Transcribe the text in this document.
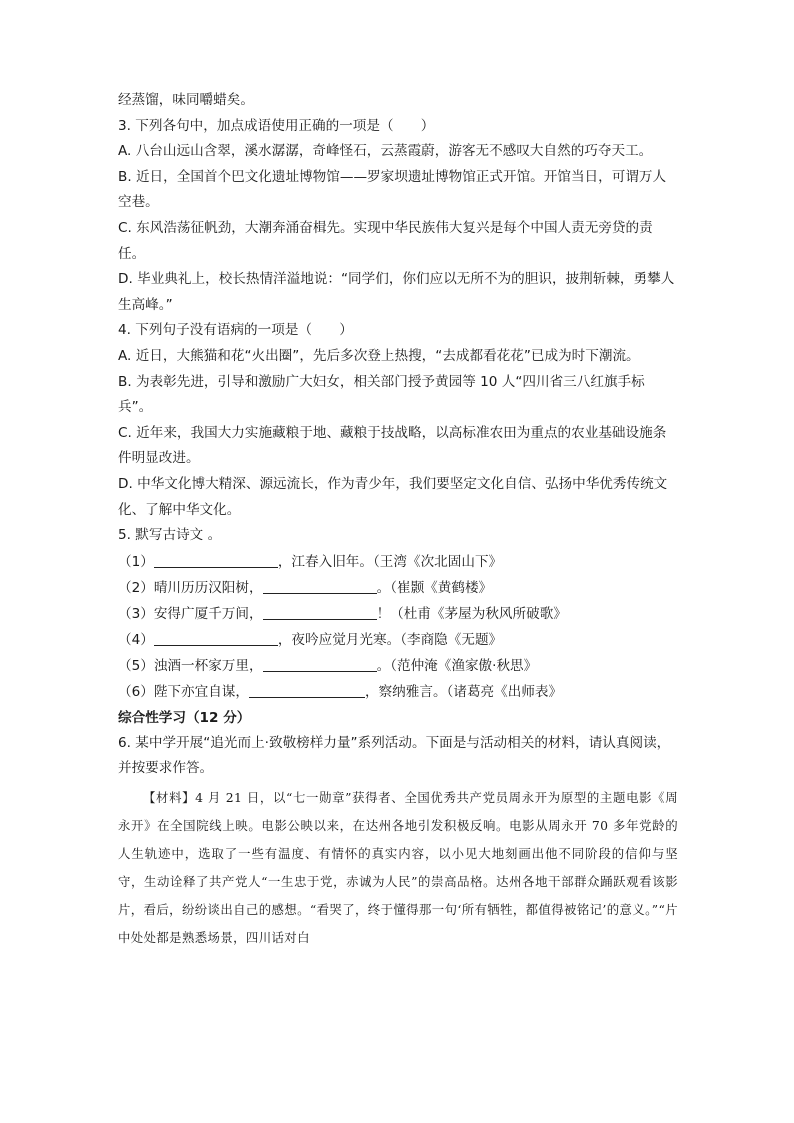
经蒸馏，味同嚼蜡矣。
3. 下列各句中，加点成语使用正确的一项是（　　）
A. 八台山远山含翠，溪水潺潺，奇峰怪石，云蒸霞蔚，游客无不感叹大自然的巧夺天工。
B. 近日，全国首个巴文化遗址博物馆——罗家坝遗址博物馆正式开馆。开馆当日，可谓万人空巷。
C. 东风浩荡征帆劲，大潮奔涌奋楫先。实现中华民族伟大复兴是每个中国人责无旁贷的责任。
D. 毕业典礼上，校长热情洋溢地说：“同学们，你们应以无所不为的胆识，披荆斩棘，勇攀人生高峰。”
4. 下列句子没有语病的一项是（　　）
A. 近日，大熊猫和花“火出圈”，先后多次登上热搜，“去成都看花花”已成为时下潮流。
B. 为表彰先进，引导和激励广大妇女，相关部门授予黄园等 10 人“四川省三八红旗手标兵”。
C. 近年来，我国大力实施藏粮于地、藏粮于技战略，以高标准农田为重点的农业基础设施条件明显改进。
D. 中华文化博大精深、源远流长，作为青少年，我们要坚定文化自信、弘扬中华优秀传统文化、了解中华文化。
5. 默写古诗文 。
（1）	，江春入旧年。（王湾《次北固山下》
（2）晴川历历汉阳树，	。（崔颢《黄鹤楼》
（3）安得广厦千万间，	！（杜甫《茅屋为秋风所破歌》
（4）	，夜吟应觉月光寒。（李商隐《无题》
（5）浊酒一杯家万里，	。（范仲淹《渔家傲·秋思》
（6）陛下亦宜自谋，	，察纳雅言。（诸葛亮《出师表》
综合性学习（12 分）
6. 某中学开展“追光而上·致敬榜样力量”系列活动。下面是与活动相关的材料，请认真阅读，并按要求作答。
【材料】4 月 21 日，以“七一勋章”获得者、全国优秀共产党员周永开为原型的主题电影《周永开》在全国院线上映。电影公映以来，在达州各地引发积极反响。电影从周永开 70 多年党龄的人生轨迹中，选取了一些有温度、有情怀的真实内容，以小见大地刻画出他不同阶段的信仰与坚守，生动诠释了共产党人“一生忠于党，赤诚为人民”的崇高品格。达州各地干部群众踊跃观看该影片，看后，纷纷谈出自己的感想。“看哭了，终于懂得那一句‘所有牺牲，都值得被铭记’的意义。”“片中处处都是熟悉场景，四川话对白
